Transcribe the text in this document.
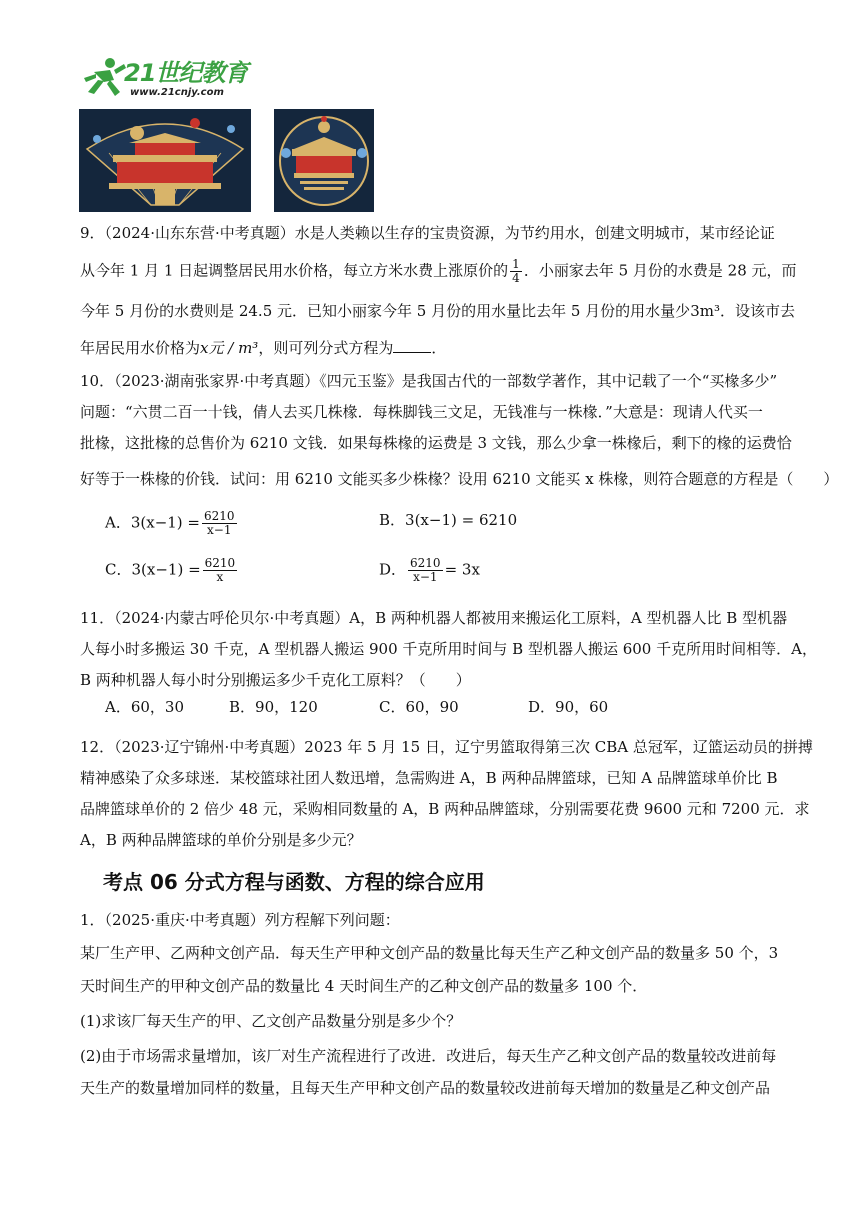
21世纪教育
www.21cnjy.com
9．（2024·山东东营·中考真题）水是人类赖以生存的宝贵资源，为节约用水，创建文明城市，某市经论证
从今年 1 月 1 日起调整居民用水价格，每立方米水费上涨原价的 $\frac{1}{4}$ ．小丽家去年 5 月份的水费是 28 元，而
今年 5 月份的水费则是 24.5 元．已知小丽家今年 5 月份的用水量比去年 5 月份的用水量少3m³．设该市去
年居民用水价格为x元 / m³，则可列分式方程为	．
10．（2023·湖南张家界·中考真题）《四元玉鉴》是我国古代的一部数学著作，其中记载了一个“买椽多少”
问题：“六贯二百一十钱，倩人去买几株椽．每株脚钱三文足，无钱准与一株椽．”大意是：现请人代买一
批椽，这批椽的总售价为 6210 文钱．如果每株椽的运费是 3 文钱，那么少拿一株椽后，剩下的椽的运费恰
好等于一株椽的价钱．试问：用 6210 文能买多少株椽？设用 6210 文能买 x 株椽，则符合题意的方程是（　　）
A．$3(x-1) = \frac{6210}{x-1}$	B．3(x−1) = 6210
C．$3(x-1) = \frac{6210}{x}$	D． $\frac{6210}{x-1} = 3x$
11．（2024·内蒙古呼伦贝尔·中考真题）A，B 两种机器人都被用来搬运化工原料，A 型机器人比 B 型机器
人每小时多搬运 30 千克，A 型机器人搬运 900 千克所用时间与 B 型机器人搬运 600 千克所用时间相等．A，
B 两种机器人每小时分别搬运多少千克化工原料？（　　）
A．60，30	B．90，120	C．60，90	D．90，60
12．（2023·辽宁锦州·中考真题）2023 年 5 月 15 日，辽宁男篮取得第三次 CBA 总冠军，辽篮运动员的拼搏
精神感染了众多球迷．某校篮球社团人数迅增，急需购进 A，B 两种品牌篮球，已知 A 品牌篮球单价比 B
品牌篮球单价的 2 倍少 48 元，采购相同数量的 A，B 两种品牌篮球，分别需要花费 9600 元和 7200 元．求
A，B 两种品牌篮球的单价分别是多少元？
考点 06 分式方程与函数、方程的综合应用
1．（2025·重庆·中考真题）列方程解下列问题：
某厂生产甲、乙两种文创产品．每天生产甲种文创产品的数量比每天生产乙种文创产品的数量多 50 个，3
天时间生产的甲种文创产品的数量比 4 天时间生产的乙种文创产品的数量多 100 个．
(1)求该厂每天生产的甲、乙文创产品数量分别是多少个？
(2)由于市场需求量增加，该厂对生产流程进行了改进．改进后，每天生产乙种文创产品的数量较改进前每
天生产的数量增加同样的数量，且每天生产甲种文创产品的数量较改进前每天增加的数量是乙种文创产品
